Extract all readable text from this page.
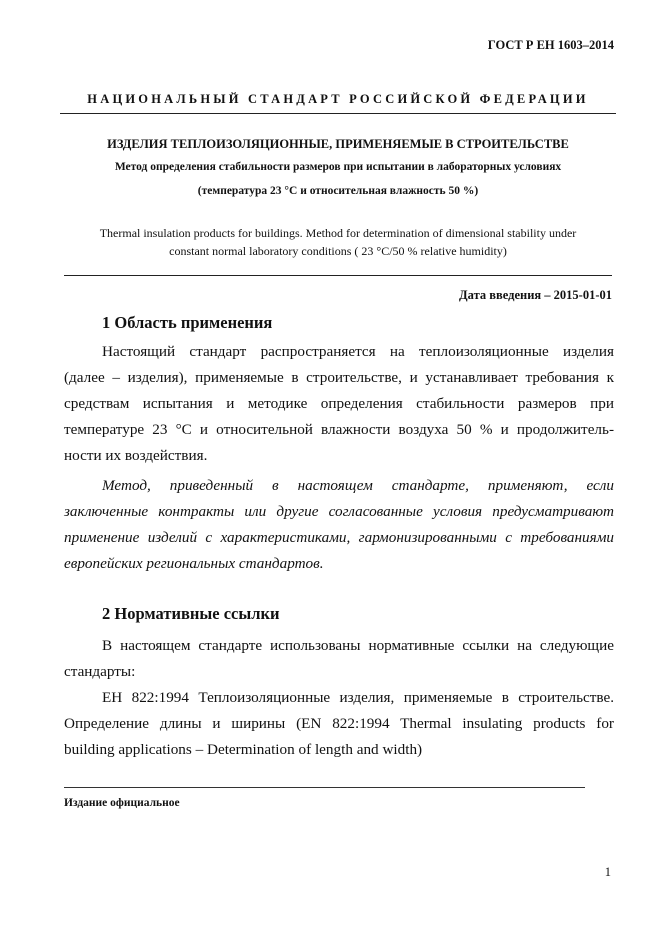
ГОСТ Р ЕН 1603–2014
НАЦИОНАЛЬНЫЙ СТАНДАРТ РОССИЙСКОЙ ФЕДЕРАЦИИ
ИЗДЕЛИЯ ТЕПЛОИЗОЛЯЦИОННЫЕ, ПРИМЕНЯЕМЫЕ В СТРОИТЕЛЬСТВЕ
Метод определения стабильности размеров при испытании в лабораторных условиях
(температура 23 °С и относительная влажность 50 %)
Thermal insulation products for buildings. Method for determination of dimensional stability under
constant normal laboratory conditions ( 23 °C/50 % relative humidity)
Дата введения – 2015-01-01
1 Область применения
Настоящий стандарт распространяется на теплоизоляционные изделия
(далее – изделия), применяемые в строительстве, и устанавливает требования к
средствам испытания и методике определения стабильности размеров при
температуре 23 °С и относительной влажности воздуха 50 % и продолжитель-
ности их воздействия.
Метод, приведенный в настоящем стандарте, применяют, если
заключенные контракты или другие согласованные условия предусматривают
применение изделий с характеристиками, гармонизированными с требованиями
европейских региональных стандартов.
2 Нормативные ссылки
В настоящем стандарте использованы нормативные ссылки на следующие
стандарты:
ЕН 822:1994 Теплоизоляционные изделия, применяемые в строительстве.
Определение длины и ширины (EN 822:1994 Thermal insulating products for
building applications – Determination of length and width)
Издание официальное
1
